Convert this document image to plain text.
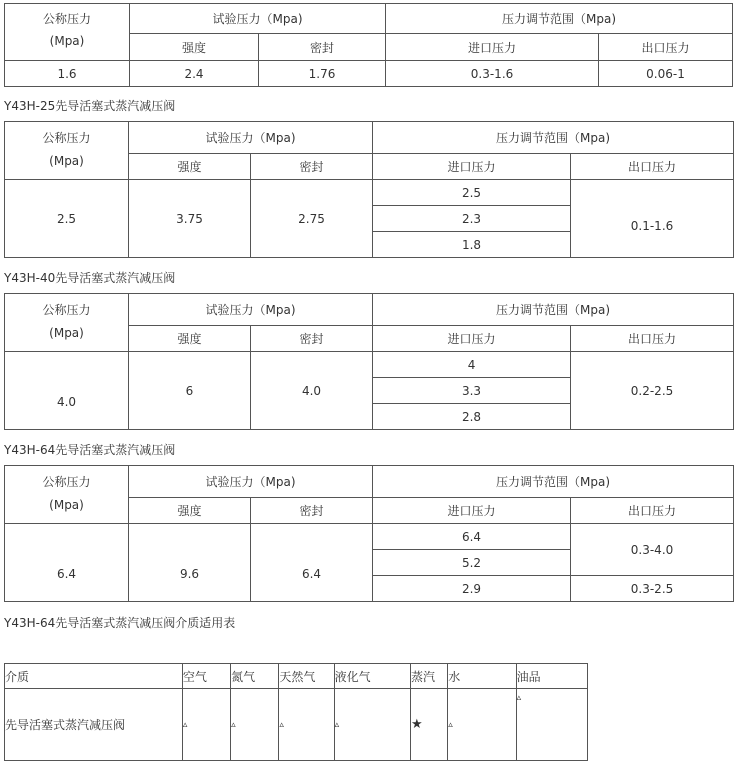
公称压力	试验压力（Mpa)		压力调节范围（Mpa)	
(Mpa)	强度	密封	进口压力	出口压力
1.6	2.4	1.76	0.3-1.6	0.06-1
Y43H-25先导活塞式蒸汽减压阀
公称压力	试验压力（Mpa)		压力调节范围（Mpa)	
(Mpa)	强度	密封	进口压力	出口压力
2.5	3.75	2.75	2.5	0.1-1.6
			2.3	
			1.8	
Y43H-40先导活塞式蒸汽减压阀
公称压力	试验压力（Mpa)		压力调节范围（Mpa)	
(Mpa)	强度	密封	进口压力	出口压力
4.0	6	4.0	4	0.2-2.5
			3.3	
			2.8	
Y43H-64先导活塞式蒸汽减压阀
公称压力	试验压力（Mpa)		压力调节范围（Mpa)	
(Mpa)	强度	密封	进口压力	出口压力
6.4	9.6	6.4	6.4	0.3-4.0
			5.2	
			2.9	0.3-2.5
Y43H-64先导活塞式蒸汽减压阀介质适用表
介质	空气	氮气	天然气	液化气	蒸汽	水	油品
先导活塞式蒸汽减压阀	▵	▵	▵	▵	★	▵	▵
